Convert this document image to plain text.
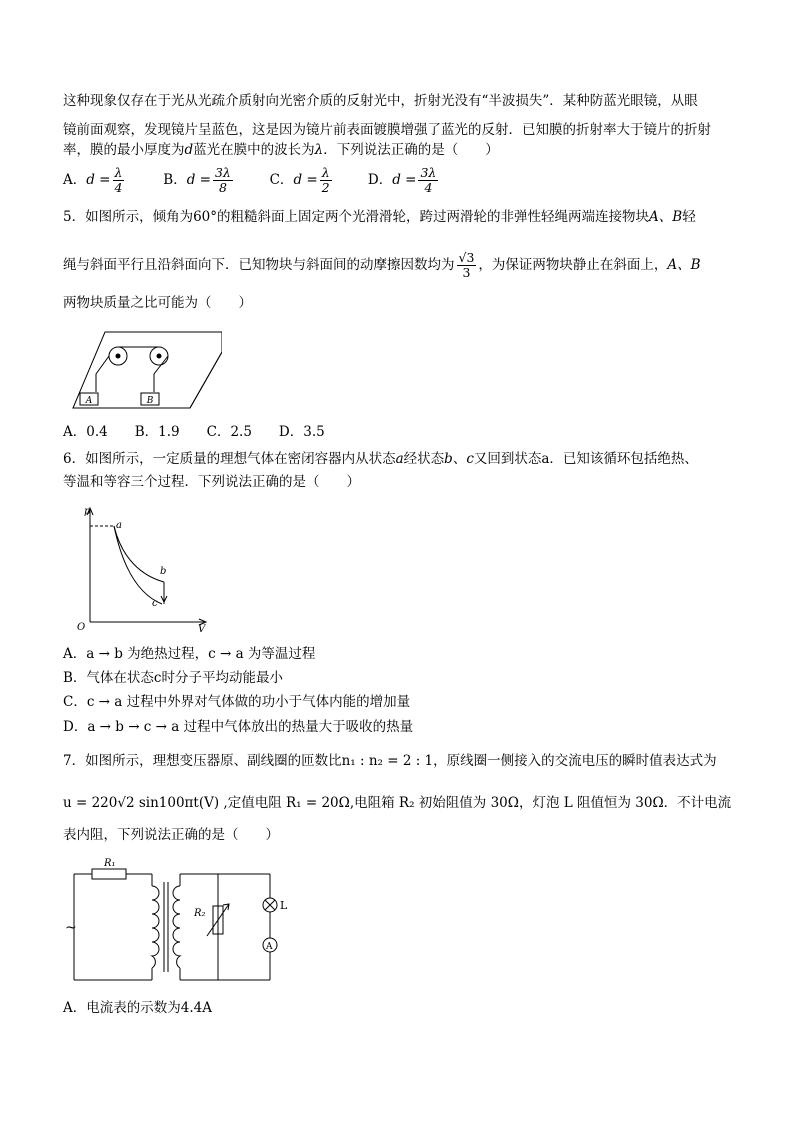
这种现象仅存在于光从光疏介质射向光密介质的反射光中，折射光没有“半波损失”．某种防蓝光眼镜，从眼
镜前面观察，发现镜片呈蓝色，这是因为镜片前表面镀膜增强了蓝光的反射．已知膜的折射率大于镜片的折射
率，膜的最小厚度为d蓝光在膜中的波长为λ．下列说法正确的是（　　）
A．$d = \frac{\lambda}{4}$	B．$d = \frac{3\lambda}{8}$	C．$d = \frac{\lambda}{2}$	D．$d = \frac{3\lambda}{4}$
5．如图所示，倾角为60°的粗糙斜面上固定两个光滑滑轮，跨过两滑轮的非弹性轻绳两端连接物块A、B轻
绳与斜面平行且沿斜面向下．已知物块与斜面间的动摩擦因数均为 $\frac{√3}{3}$ ，为保证两物块静止在斜面上，A、B
两物块质量之比可能为（　　）
A	B
A．0.4　　B．1.9　　C．2.5　　D．3.5
6．如图所示，一定质量的理想气体在密闭容器内从状态a经状态b、c又回到状态a．已知该循环包括绝热、
等温和等容三个过程．下列说法正确的是（　　）
p
V
O
a
b
c
A．a → b 为绝热过程，c → a 为等温过程
B．气体在状态c时分子平均动能最小
C．c → a 过程中外界对气体做的功小于气体内能的增加量
D．a → b → c → a 过程中气体放出的热量大于吸收的热量
7．如图所示，理想变压器原、副线圈的匝数比n₁ : n₂ = 2 : 1，原线圈一侧接入的交流电压的瞬时值表达式为
u = 220√2 sin100πt(V) ,定值电阻 R₁ = 20Ω,电阻箱 R₂ 初始阻值为 30Ω，灯泡 L 阻值恒为 30Ω．不计电流
表内阻，下列说法正确的是（　　）
~
R₁
R₂
L
A
A．电流表的示数为4.4A
